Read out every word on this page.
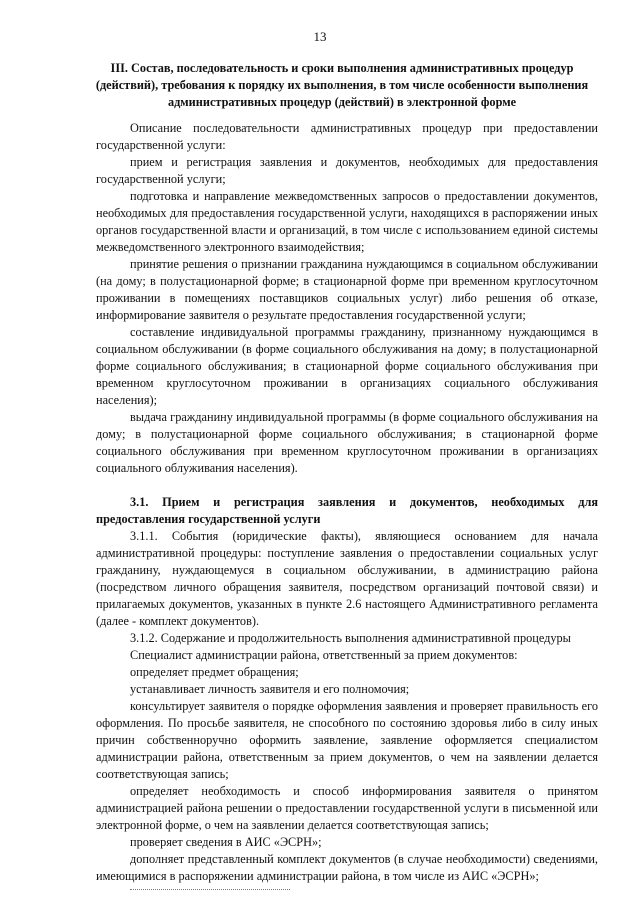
13
III. Состав, последовательность и сроки выполнения административных процедур (действий), требования к порядку их выполнения, в том числе особенности выполнения административных процедур (действий) в электронной форме

Описание последовательности административных процедур при предоставлении государственной услуги:

прием и регистрация заявления и документов, необходимых для предоставления государственной услуги;

подготовка и направление межведомственных запросов о предоставлении документов, необходимых для предоставления государственной услуги, находящихся в распоряжении иных органов государственной власти и организаций, в том числе с использованием единой системы межведомственного электронного взаимодействия;

принятие решения о признании гражданина нуждающимся в социальном обслуживании (на дому; в полустационарной форме; в стационарной форме при временном круглосуточном проживании в помещениях поставщиков социальных услуг) либо решения об отказе, информирование заявителя о результате предоставления государственной услуги;

составление индивидуальной программы гражданину, признанному нуждающимся в социальном обслуживании (в форме социального обслуживания на дому; в полустационарной форме социального обслуживания; в стационарной форме социального обслуживания при временном круглосуточном проживании в организациях социального обслуживания населения);

выдача гражданину индивидуальной программы (в форме социального обслуживания на дому; в полустационарной форме социального обслуживания; в стационарной форме социального обслуживания при временном круглосуточном проживании в организациях социального облуживания населения).

3.1. Прием и регистрация заявления и документов, необходимых для предоставления государственной услуги

3.1.1. События (юридические факты), являющиеся основанием для начала административной процедуры: поступление заявления о предоставлении социальных услуг гражданину, нуждающемуся в социальном обслуживании, в администрацию района (посредством личного обращения заявителя, посредством организаций почтовой связи) и прилагаемых документов, указанных в пункте 2.6 настоящего Административного регламента (далее - комплект документов).

3.1.2. Содержание и продолжительность выполнения административной процедуры

Специалист администрации района, ответственный за прием документов:

определяет предмет обращения;

устанавливает личность заявителя и его полномочия;

консультирует заявителя о порядке оформления заявления и проверяет правильность его оформления. По просьбе заявителя, не способного по состоянию здоровья либо в силу иных причин собственноручно оформить заявление, заявление оформляется специалистом администрации района, ответственным за прием документов, о чем на заявлении делается соответствующая запись;

определяет необходимость и способ информирования заявителя о принятом администрацией района решении о предоставлении государственной услуги в письменной или электронной форме, о чем на заявлении делается соответствующая запись;

проверяет сведения в АИС «ЭСРН»;

дополняет представленный комплект документов (в случае необходимости) сведениями, имеющимися в распоряжении администрации района, в том числе из АИС «ЭСРН»;
